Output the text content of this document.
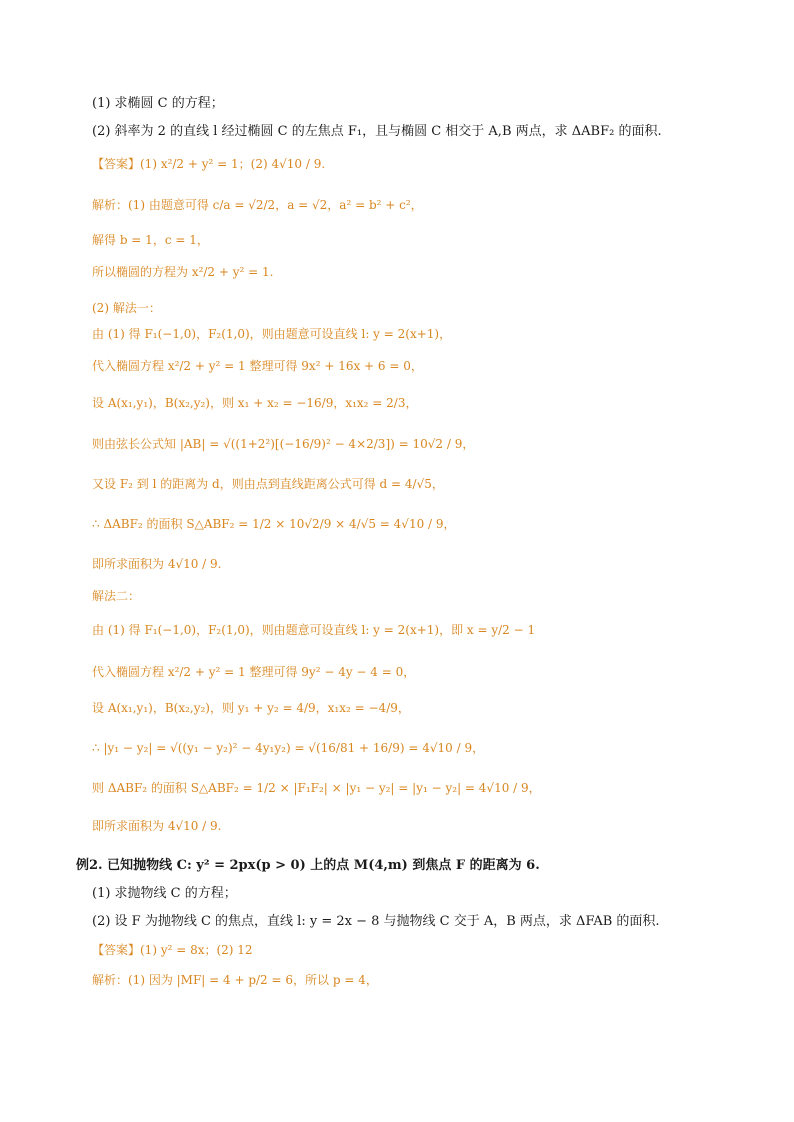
(1) 求椭圆 C 的方程；
(2) 斜率为 2 的直线 l 经过椭圆 C 的左焦点 F₁，且与椭圆 C 相交于 A,B 两点，求 ΔABF₂ 的面积.
【答案】(1) x²/2 + y² = 1；(2) 4√10 / 9.
解析：(1) 由题意可得 c/a = √2/2，a = √2，a² = b² + c²，
解得 b = 1，c = 1，
所以椭圆的方程为 x²/2 + y² = 1.
(2) 解法一：
由 (1) 得 F₁(−1,0)，F₂(1,0)，则由题意可设直线 l: y = 2(x+1)，
代入椭圆方程 x²/2 + y² = 1 整理可得 9x² + 16x + 6 = 0，
设 A(x₁,y₁)，B(x₂,y₂)，则 x₁ + x₂ = −16/9，x₁x₂ = 2/3，
则由弦长公式知 |AB| = √((1+2²)[(−16/9)² − 4×2/3]) = 10√2 / 9，
又设 F₂ 到 l 的距离为 d，则由点到直线距离公式可得 d = 4/√5，
∴ ΔABF₂ 的面积 S△ABF₂ = 1/2 × 10√2/9 × 4/√5 = 4√10 / 9，
即所求面积为 4√10 / 9.
解法二：
由 (1) 得 F₁(−1,0)，F₂(1,0)，则由题意可设直线 l: y = 2(x+1)，即 x = y/2 − 1
代入椭圆方程 x²/2 + y² = 1 整理可得 9y² − 4y − 4 = 0，
设 A(x₁,y₁)，B(x₂,y₂)，则 y₁ + y₂ = 4/9，x₁x₂ = −4/9，
∴ |y₁ − y₂| = √((y₁ − y₂)² − 4y₁y₂) = √(16/81 + 16/9) = 4√10 / 9，
则 ΔABF₂ 的面积 S△ABF₂ = 1/2 × |F₁F₂| × |y₁ − y₂| = |y₁ − y₂| = 4√10 / 9，
即所求面积为 4√10 / 9.
例2. 已知抛物线 C: y² = 2px(p > 0) 上的点 M(4,m) 到焦点 F 的距离为 6.
(1) 求抛物线 C 的方程；
(2) 设 F 为抛物线 C 的焦点，直线 l: y = 2x − 8 与抛物线 C 交于 A，B 两点，求 ΔFAB 的面积.
【答案】(1) y² = 8x；(2) 12
解析：(1) 因为 |MF| = 4 + p/2 = 6，所以 p = 4，
